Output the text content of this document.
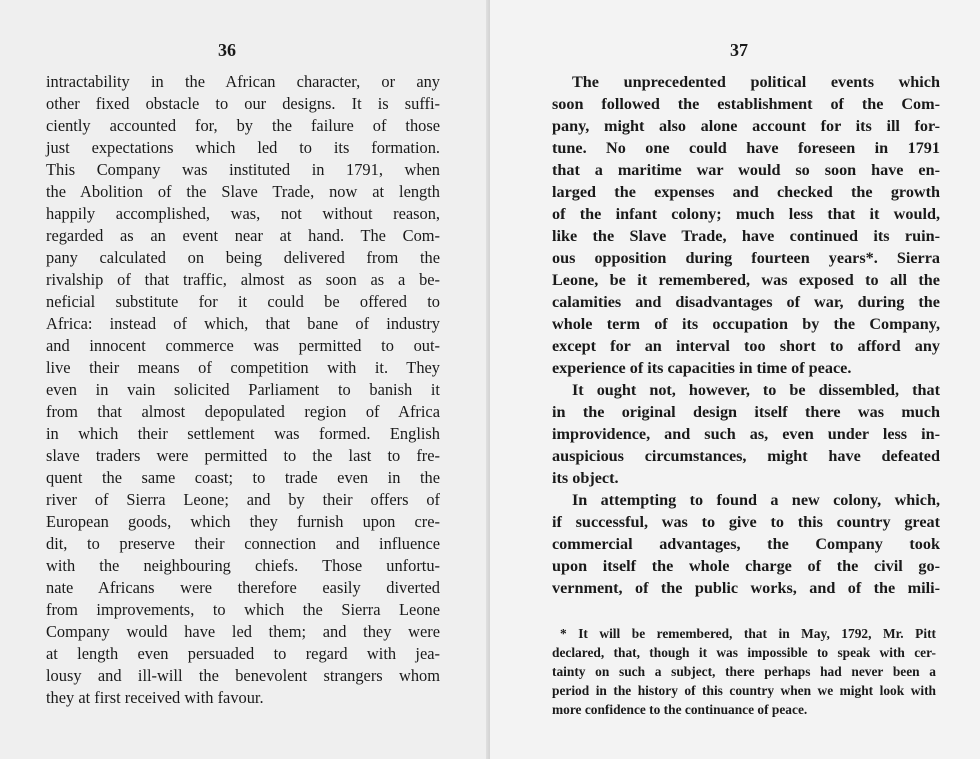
36
intractability in the African character, or any
other fixed obstacle to our designs. It is suffi-
ciently accounted for, by the failure of those
just expectations which led to its formation.
This Company was instituted in 1791, when
the Abolition of the Slave Trade, now at length
happily accomplished, was, not without reason,
regarded as an event near at hand. The Com-
pany calculated on being delivered from the
rivalship of that traffic, almost as soon as a be-
neficial substitute for it could be offered to
Africa: instead of which, that bane of industry
and innocent commerce was permitted to out-
live their means of competition with it. They
even in vain solicited Parliament to banish it
from that almost depopulated region of Africa
in which their settlement was formed. English
slave traders were permitted to the last to fre-
quent the same coast; to trade even in the
river of Sierra Leone; and by their offers of
European goods, which they furnish upon cre-
dit, to preserve their connection and influence
with the neighbouring chiefs. Those unfortu-
nate Africans were therefore easily diverted
from improvements, to which the Sierra Leone
Company would have led them; and they were
at length even persuaded to regard with jea-
lousy and ill-will the benevolent strangers whom
they at first received with favour.
37
The unprecedented political events which
soon followed the establishment of the Com-
pany, might also alone account for its ill for-
tune. No one could have foreseen in 1791
that a maritime war would so soon have en-
larged the expenses and checked the growth
of the infant colony; much less that it would,
like the Slave Trade, have continued its ruin-
ous opposition during fourteen years*. Sierra
Leone, be it remembered, was exposed to all the
calamities and disadvantages of war, during the
whole term of its occupation by the Company,
except for an interval too short to afford any
experience of its capacities in time of peace.
It ought not, however, to be dissembled, that
in the original design itself there was much
improvidence, and such as, even under less in-
auspicious circumstances, might have defeated
its object.
In attempting to found a new colony, which,
if successful, was to give to this country great
commercial advantages, the Company took
upon itself the whole charge of the civil go-
vernment, of the public works, and of the mili-
* It will be remembered, that in May, 1792, Mr. Pitt
declared, that, though it was impossible to speak with cer-
tainty on such a subject, there perhaps had never been a
period in the history of this country when we might look with
more confidence to the continuance of peace.
